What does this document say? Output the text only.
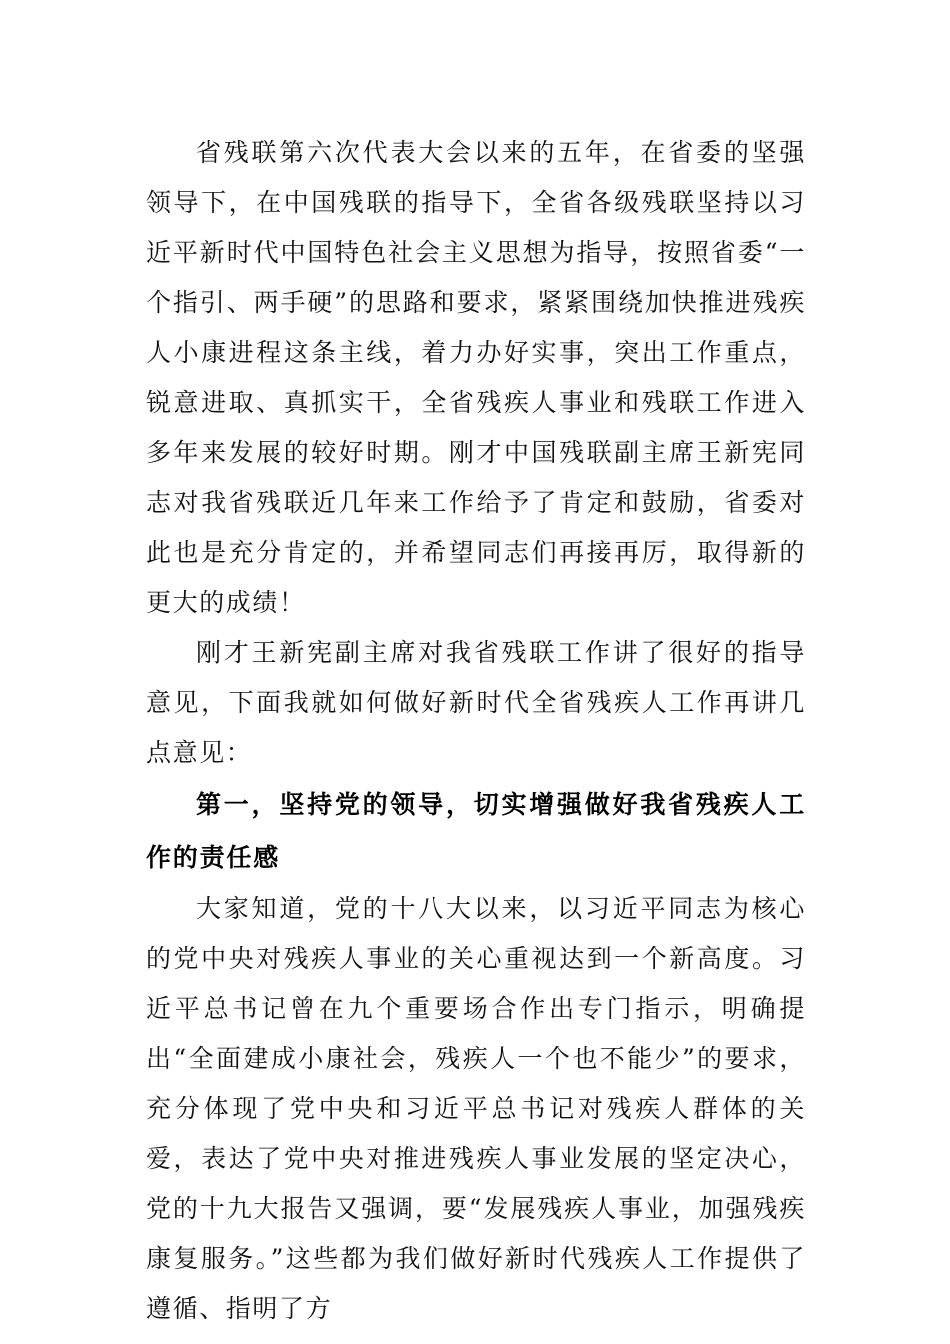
省残联第六次代表大会以来的五年，在省委的坚强领导下，在中国残联的指导下，全省各级残联坚持以习近平新时代中国特色社会主义思想为指导，按照省委“一个指引、两手硬”的思路和要求，紧紧围绕加快推进残疾人小康进程这条主线，着力办好实事，突出工作重点，锐意进取、真抓实干，全省残疾人事业和残联工作进入多年来发展的较好时期。刚才中国残联副主席王新宪同志对我省残联近几年来工作给予了肯定和鼓励，省委对此也是充分肯定的，并希望同志们再接再厉，取得新的更大的成绩！

刚才王新宪副主席对我省残联工作讲了很好的指导意见，下面我就如何做好新时代全省残疾人工作再讲几点意见：

第一，坚持党的领导，切实增强做好我省残疾人工作的责任感

大家知道，党的十八大以来，以习近平同志为核心的党中央对残疾人事业的关心重视达到一个新高度。习近平总书记曾在九个重要场合作出专门指示，明确提出“全面建成小康社会，残疾人一个也不能少”的要求，充分体现了党中央和习近平总书记对残疾人群体的关爱，表达了党中央对推进残疾人事业发展的坚定决心，党的十九大报告又强调，要“发展残疾人事业，加强残疾康复服务。”这些都为我们做好新时代残疾人工作提供了遵循、指明了方
